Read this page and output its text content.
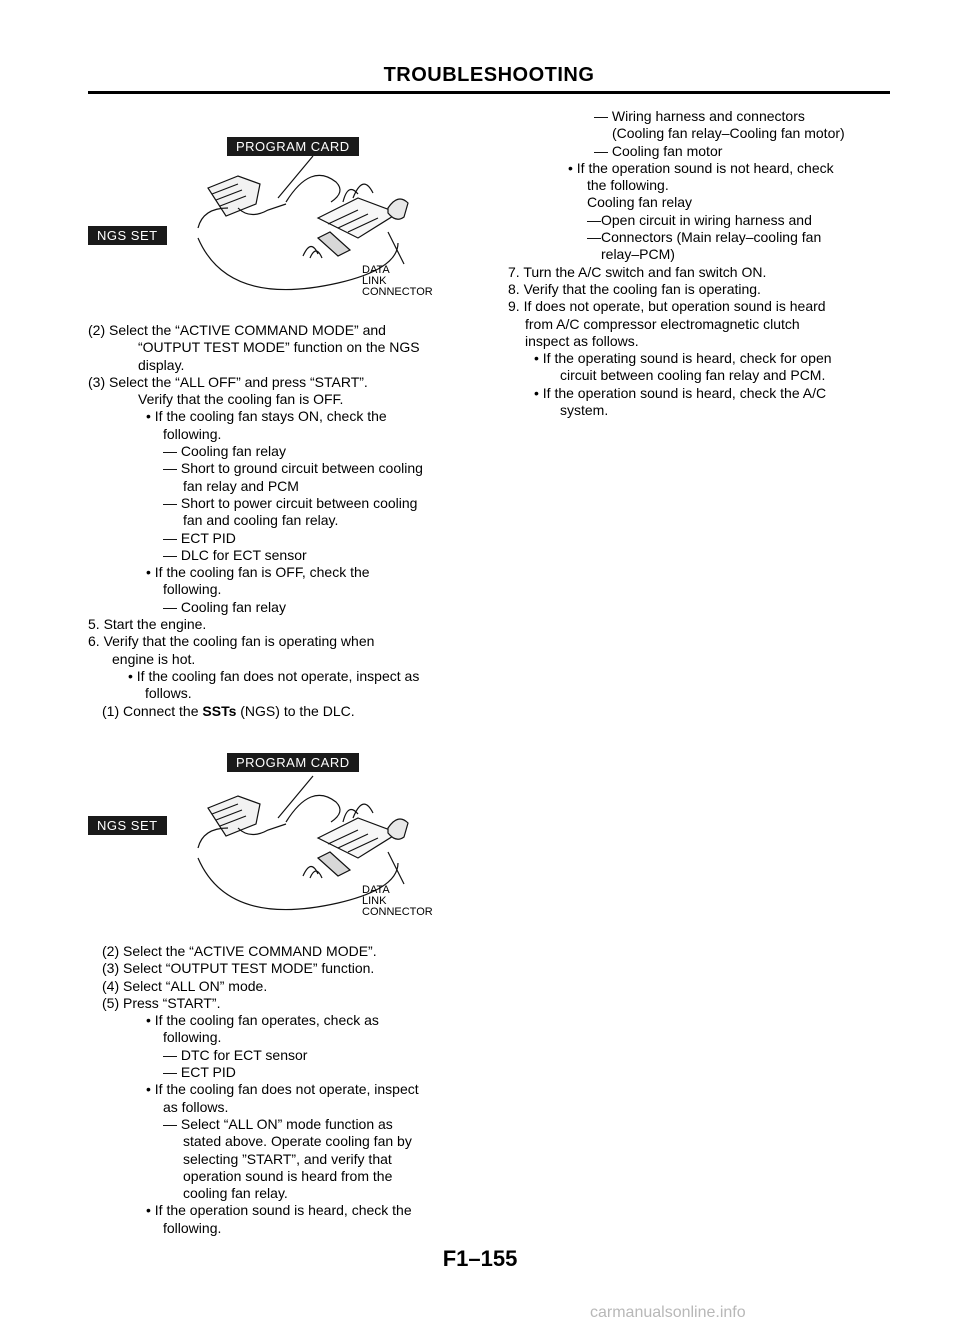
TROUBLESHOOTING
PROGRAM CARD
NGS SET
DATA
LINK
CONNECTOR
(2) Select the “ACTIVE COMMAND MODE” and
“OUTPUT TEST MODE” function on the NGS
display.
(3) Select the “ALL OFF” and press “START”.
Verify that the cooling fan is OFF.
• If the cooling fan stays ON, check the
following.
— Cooling fan relay
— Short to ground circuit between cooling
fan relay and PCM
— Short to power circuit between cooling
fan and cooling fan relay.
— ECT PID
— DLC for ECT sensor
• If the cooling fan is OFF, check the
following.
— Cooling fan relay
5. Start the engine.
6. Verify that the cooling fan is operating when
engine is hot.
• If the cooling fan does not operate, inspect as
follows.
(1) Connect the SSTs (NGS) to the DLC.
PROGRAM CARD
NGS SET
DATA
LINK
CONNECTOR
(2) Select the “ACTIVE COMMAND MODE”.
(3) Select “OUTPUT TEST MODE” function.
(4) Select “ALL ON” mode.
(5) Press “START”.
• If the cooling fan operates, check as
following.
— DTC for ECT sensor
— ECT PID
• If the cooling fan does not operate, inspect
as follows.
— Select “ALL ON” mode function as
stated above. Operate cooling fan by
selecting ”START”, and verify that
operation sound is heard from the
cooling fan relay.
• If the operation sound is heard, check the
following.
— Wiring harness and connectors
(Cooling fan relay–Cooling fan motor)
— Cooling fan motor
• If the operation sound is not heard, check
the following.
Cooling fan relay
—Open circuit in wiring harness and
—Connectors (Main relay–cooling fan
relay–PCM)
7. Turn the A/C switch and fan switch ON.
8. Verify that the cooling fan is operating.
9. If does not operate, but operation sound is heard
from A/C compressor electromagnetic clutch
inspect as follows.
• If the operating sound is heard, check for open
circuit between cooling fan relay and PCM.
• If the operation sound is heard, check the A/C
system.
F1–155
carmanualsonline.info
